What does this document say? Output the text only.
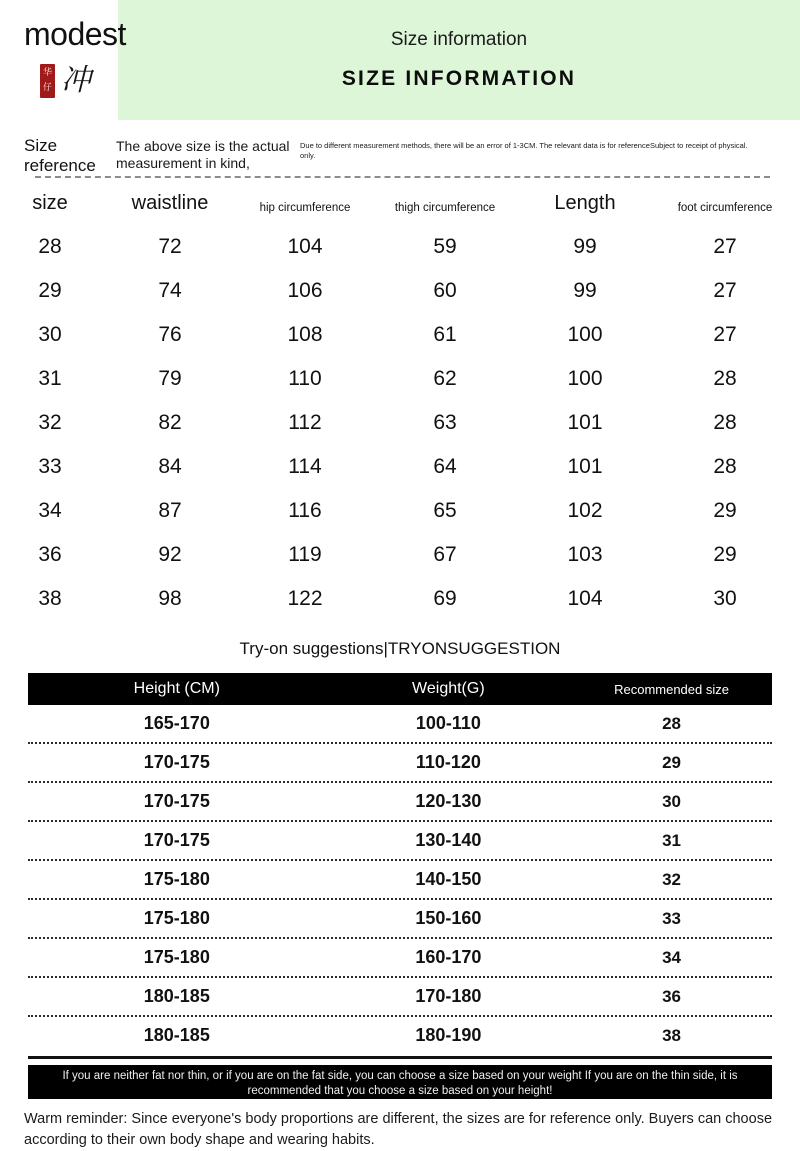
modest
华
仔 冲
Size information
SIZE INFORMATION
Size reference
The above size is the actual measurement in kind,
Due to different measurement methods, there will be an error of 1-3CM. The relevant data is for reference only.
Subject to receipt of physical.
size	waistline	hip circumference	thigh circumference	Length	foot circumference

28	72	104	59	99	27
29	74	106	60	99	27
30	76	108	61	100	27
31	79	110	62	100	28
32	82	112	63	101	28
33	84	114	64	101	28
34	87	116	65	102	29
36	92	119	67	103	29
38	98	122	69	104	30
Try-on suggestions|TRYONSUGGESTION
Height (CM)	Weight(G)	Recommended size
165-170	100-110	28
170-175	110-120	29
170-175	120-130	30
170-175	130-140	31
175-180	140-150	32
175-180	150-160	33
175-180	160-170	34
180-185	170-180	36
180-185	180-190	38
If you are neither fat nor thin, or if you are on the fat side, you can choose a size based on your weight If you are on the thin side, it is recommended that you choose a size based on your height!
Warm reminder: Since everyone's body proportions are different, the sizes are for reference only. Buyers can choose according to their own body shape and wearing habits.
